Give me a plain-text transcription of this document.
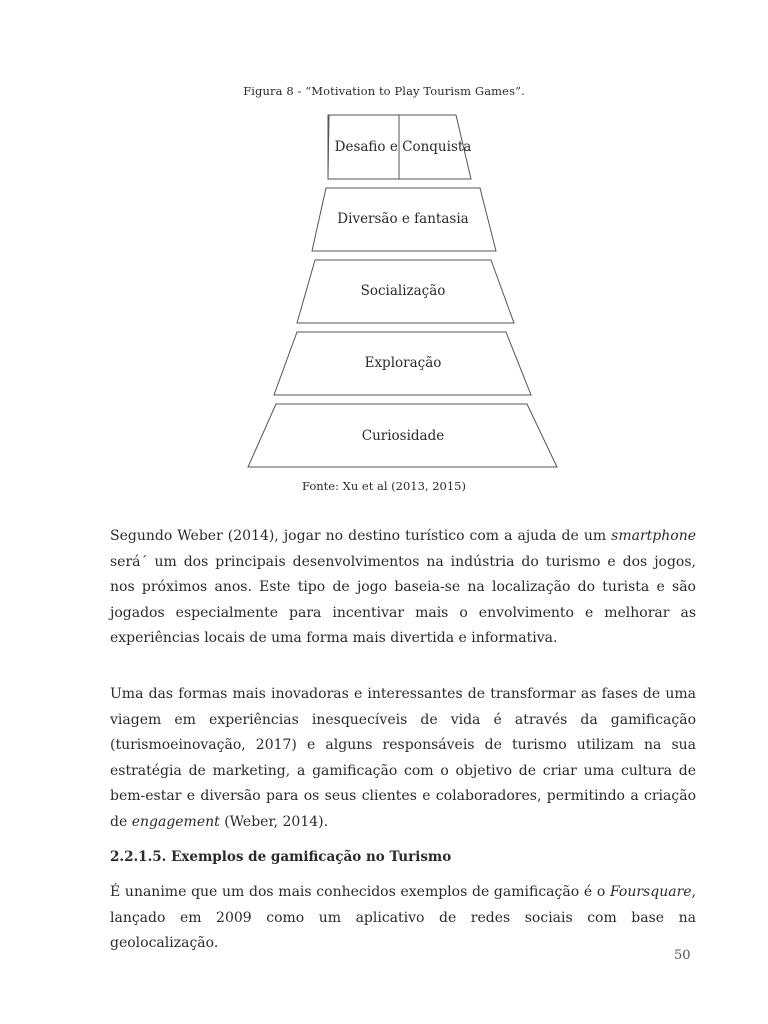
Figura 8 - “Motivation to Play Tourism Games”.
Desafio e Conquista
Diversão e fantasia
Socialização
Exploração
Curiosidade
Fonte: Xu et al (2013, 2015)

Segundo Weber (2014), jogar no destino turístico com a ajuda de um smartphone será´ um dos principais desenvolvimentos na indústria do turismo e dos jogos, nos próximos anos. Este tipo de jogo baseia-se na localização do turista e são jogados especialmente para incentivar mais o envolvimento e melhorar as experiências locais de uma forma mais divertida e informativa.

Uma das formas mais inovadoras e interessantes de transformar as fases de uma viagem em experiências inesquecíveis de vida é através da gamificação (turismoeinovação, 2017) e alguns responsáveis de turismo utilizam na sua estratégia de marketing, a gamificação com o objetivo de criar uma cultura de bem-estar e diversão para os seus clientes e colaboradores, permitindo a criação de engagement (Weber, 2014).

2.2.1.5. Exemplos de gamificação no Turismo

É unanime que um dos mais conhecidos exemplos de gamificação é o Foursquare, lançado em 2009 como um aplicativo de redes sociais com base na geolocalização.

50
